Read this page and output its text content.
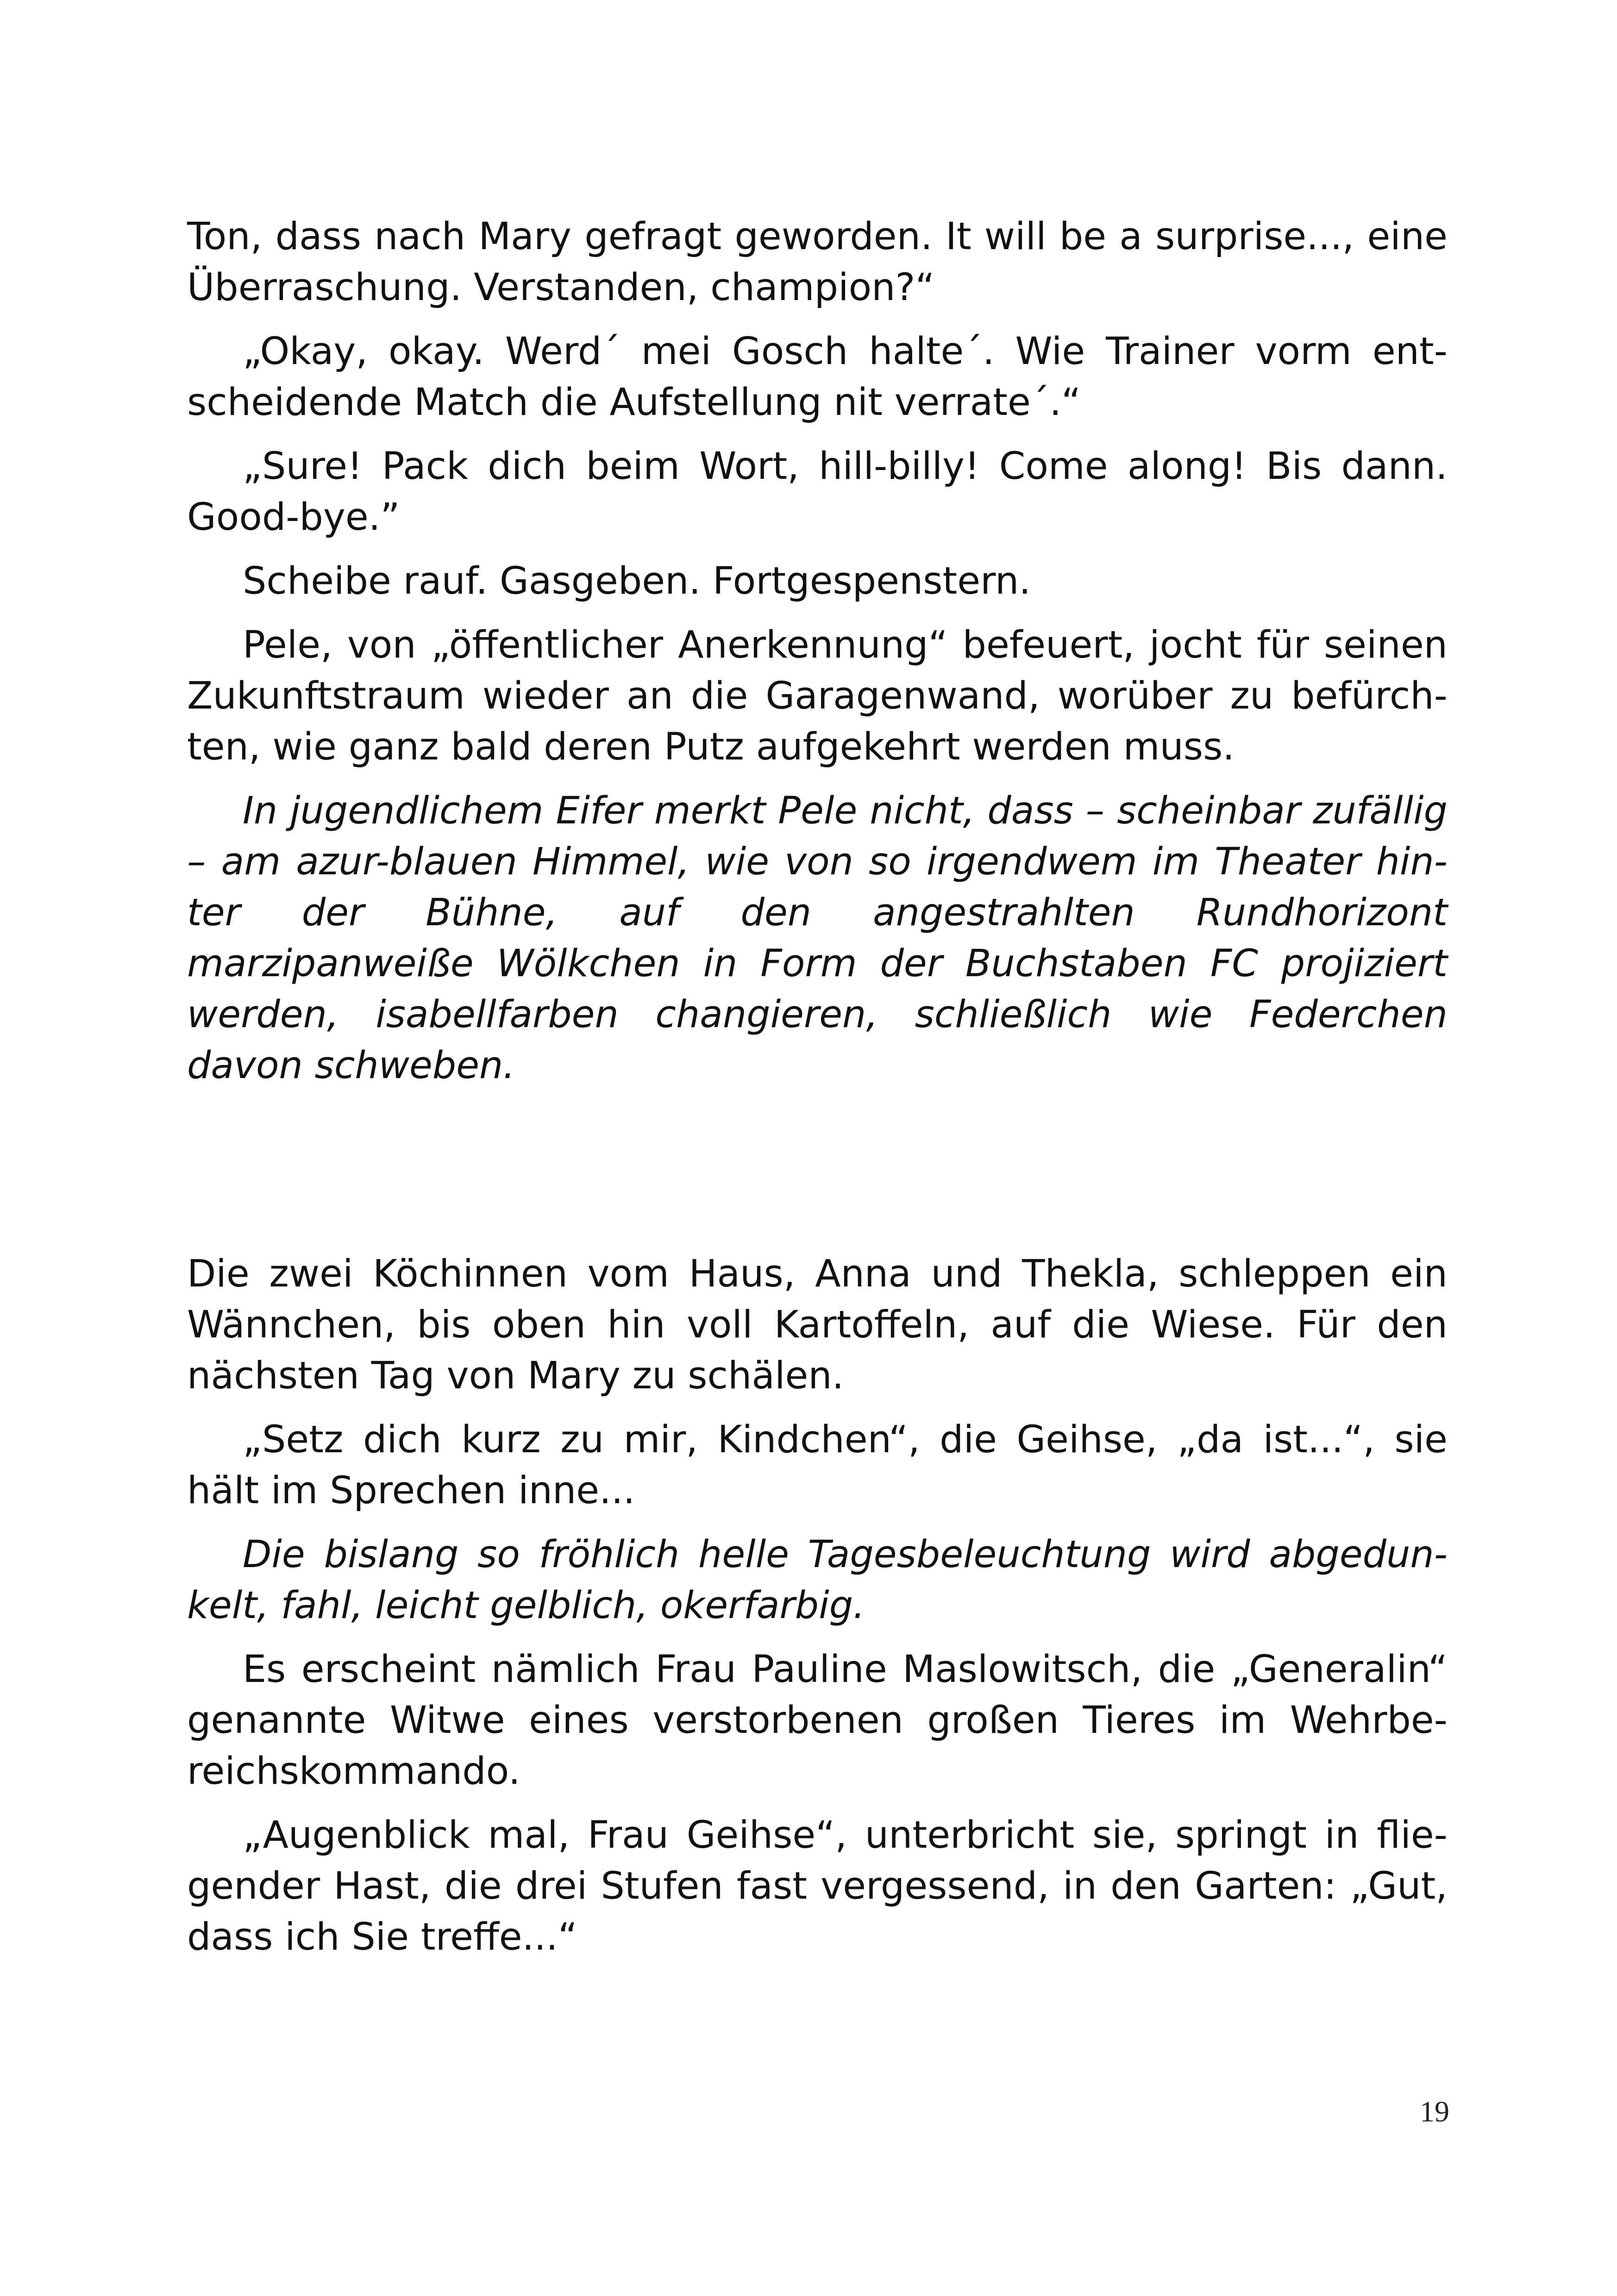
Ton, dass nach Mary gefragt geworden. It will be a surprise..., eine Überraschung. Verstanden, champion?“

„Okay, okay. Werd´ mei Gosch halte´. Wie Trainer vorm entscheidende Match die Aufstellung nit verrate´.“

„Sure! Pack dich beim Wort, hill-billy! Come along! Bis dann. Good-bye.”

Scheibe rauf. Gasgeben. Fortgespenstern.

Pele, von „öffentlicher Anerkennung“ befeuert, jocht für seinen Zukunftstraum wieder an die Garagenwand, worüber zu befürchten, wie ganz bald deren Putz aufgekehrt werden muss.

In jugendlichem Eifer merkt Pele nicht, dass – scheinbar zufällig – am azur-blauen Himmel, wie von so irgendwem im Theater hinter der Bühne, auf den angestrahlten Rundhorizont marzipanweiße Wölkchen in Form der Buchstaben FC projiziert werden, isabellfarben changieren, schließlich wie Federchen davon schweben.

Die zwei Köchinnen vom Haus, Anna und Thekla, schleppen ein Wännchen, bis oben hin voll Kartoffeln, auf die Wiese. Für den nächsten Tag von Mary zu schälen.

„Setz dich kurz zu mir, Kindchen“, die Geihse, „da ist...“, sie hält im Sprechen inne...

Die bislang so fröhlich helle Tagesbeleuchtung wird abgedunkelt, fahl, leicht gelblich, okerfarbig.

Es erscheint nämlich Frau Pauline Maslowitsch, die „Generalin“ genannte Witwe eines verstorbenen großen Tieres im Wehrbereichskommando.

„Augenblick mal, Frau Geihse“, unterbricht sie, springt in fliegender Hast, die drei Stufen fast vergessend, in den Garten: „Gut, dass ich Sie treffe...“

19
